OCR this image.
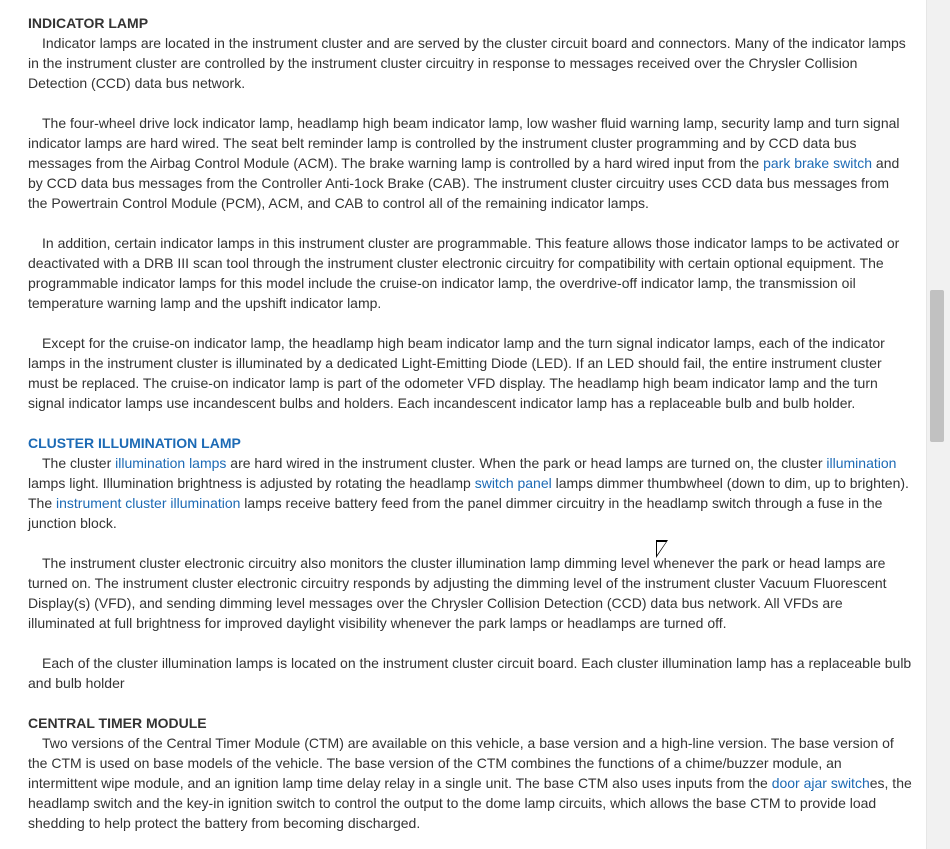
INDICATOR LAMP

Indicator lamps are located in the instrument cluster and are served by the cluster circuit board and connectors. Many of the indicator lamps in the instrument cluster are controlled by the instrument cluster circuitry in response to messages received over the Chrysler Collision Detection (CCD) data bus network.

The four-wheel drive lock indicator lamp, headlamp high beam indicator lamp, low washer fluid warning lamp, security lamp and turn signal indicator lamps are hard wired. The seat belt reminder lamp is controlled by the instrument cluster programming and by CCD data bus messages from the Airbag Control Module (ACM). The brake warning lamp is controlled by a hard wired input from the park brake switch and by CCD data bus messages from the Controller Anti-1ock Brake (CAB). The instrument cluster circuitry uses CCD data bus messages from the Powertrain Control Module (PCM), ACM, and CAB to control all of the remaining indicator lamps.

In addition, certain indicator lamps in this instrument cluster are programmable. This feature allows those indicator lamps to be activated or deactivated with a DRB III scan tool through the instrument cluster electronic circuitry for compatibility with certain optional equipment. The programmable indicator lamps for this model include the cruise-on indicator lamp, the overdrive-off indicator lamp, the transmission oil temperature warning lamp and the upshift indicator lamp.

Except for the cruise-on indicator lamp, the headlamp high beam indicator lamp and the turn signal indicator lamps, each of the indicator lamps in the instrument cluster is illuminated by a dedicated Light-Emitting Diode (LED). If an LED should fail, the entire instrument cluster must be replaced. The cruise-on indicator lamp is part of the odometer VFD display. The headlamp high beam indicator lamp and the turn signal indicator lamps use incandescent bulbs and holders. Each incandescent indicator lamp has a replaceable bulb and bulb holder.

CLUSTER ILLUMINATION LAMP

The cluster illumination lamps are hard wired in the instrument cluster. When the park or head lamps are turned on, the cluster illumination lamps light. Illumination brightness is adjusted by rotating the headlamp switch panel lamps dimmer thumbwheel (down to dim, up to brighten). The instrument cluster illumination lamps receive battery feed from the panel dimmer circuitry in the headlamp switch through a fuse in the junction block.

The instrument cluster electronic circuitry also monitors the cluster illumination lamp dimming level whenever the park or head lamps are turned on. The instrument cluster electronic circuitry responds by adjusting the dimming level of the instrument cluster Vacuum Fluorescent Display(s) (VFD), and sending dimming level messages over the Chrysler Collision Detection (CCD) data bus network. All VFDs are illuminated at full brightness for improved daylight visibility whenever the park lamps or headlamps are turned off.

Each of the cluster illumination lamps is located on the instrument cluster circuit board. Each cluster illumination lamp has a replaceable bulb and bulb holder

CENTRAL TIMER MODULE

Two versions of the Central Timer Module (CTM) are available on this vehicle, a base version and a high-line version. The base version of the CTM is used on base models of the vehicle. The base version of the CTM combines the functions of a chime/buzzer module, an intermittent wipe module, and an ignition lamp time delay relay in a single unit. The base CTM also uses inputs from the door ajar switches, the headlamp switch and the key-in ignition switch to control the output to the dome lamp circuits, which allows the base CTM to provide load shedding to help protect the battery from becoming discharged.
